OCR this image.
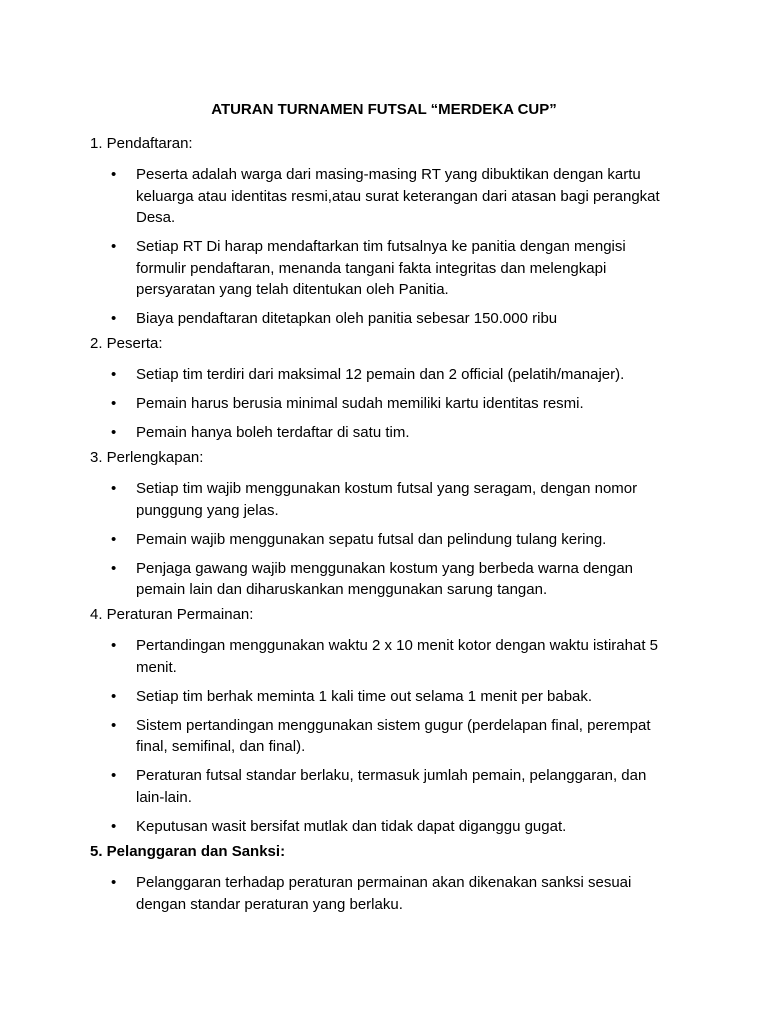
ATURAN TURNAMEN FUTSAL “MERDEKA CUP”

1. Pendaftaran:

• Peserta adalah warga dari masing-masing RT yang dibuktikan dengan kartu keluarga atau identitas resmi,atau surat keterangan dari atasan bagi perangkat Desa.
• Setiap RT Di harap mendaftarkan tim futsalnya ke panitia dengan mengisi formulir pendaftaran, menanda tangani fakta integritas dan melengkapi persyaratan yang telah ditentukan oleh Panitia.
• Biaya pendaftaran ditetapkan oleh panitia sebesar 150.000 ribu

2. Peserta:

• Setiap tim terdiri dari maksimal 12 pemain dan 2 official (pelatih/manajer).
• Pemain harus berusia minimal sudah memiliki kartu identitas resmi.
• Pemain hanya boleh terdaftar di satu tim.

3. Perlengkapan:

• Setiap tim wajib menggunakan kostum futsal yang seragam, dengan nomor punggung yang jelas.
• Pemain wajib menggunakan sepatu futsal dan pelindung tulang kering.
• Penjaga gawang wajib menggunakan kostum yang berbeda warna dengan pemain lain dan diharuskankan menggunakan sarung tangan.

4. Peraturan Permainan:

• Pertandingan menggunakan waktu 2 x 10 menit kotor dengan waktu istirahat 5 menit.
• Setiap tim berhak meminta 1 kali time out selama 1 menit per babak.
• Sistem pertandingan menggunakan sistem gugur (perdelapan final, perempat final, semifinal, dan final).
• Peraturan futsal standar berlaku, termasuk jumlah pemain, pelanggaran, dan lain-lain.
• Keputusan wasit bersifat mutlak dan tidak dapat diganggu gugat.

5. Pelanggaran dan Sanksi:

• Pelanggaran terhadap peraturan permainan akan dikenakan sanksi sesuai dengan standar peraturan yang berlaku.
